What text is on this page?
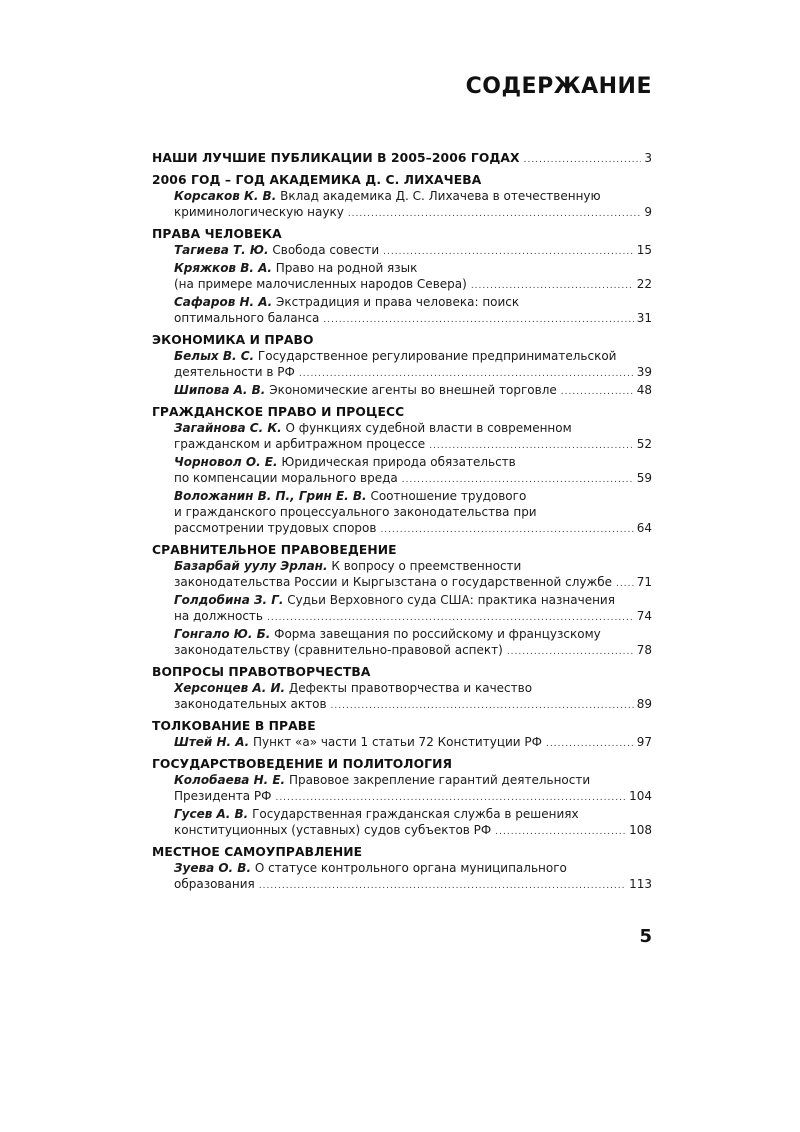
СОДЕРЖАНИЕ
НАШИ ЛУЧШИЕ ПУБЛИКАЦИИ В 2005–2006 ГОДАХ .....	3
2006 ГОД – ГОД АКАДЕМИКА Д. С. ЛИХАЧЕВА
Корсаков К. В. Вклад академика Д. С. Лихачева в отечественную
криминологическую науку .....	9
ПРАВА ЧЕЛОВЕКА
Тагиева Т. Ю. Свобода совести .....	15
Кряжков В. А. Право на родной язык
(на примере малочисленных народов Севера) .....	22
Сафаров Н. А. Экстрадиция и права человека: поиск
оптимального баланса .....	31
ЭКОНОМИКА И ПРАВО
Белых В. С. Государственное регулирование предпринимательской
деятельности в РФ .....	39
Шипова А. В. Экономические агенты во внешней торговле .....	48
ГРАЖДАНСКОЕ ПРАВО И ПРОЦЕСС
Загайнова С. К. О функциях судебной власти в современном
гражданском и арбитражном процессе .....	52
Чорновол О. Е. Юридическая природа обязательств
по компенсации морального вреда .....	59
Воложанин В. П., Грин Е. В. Соотношение трудового
и гражданского процессуального законодательства при
рассмотрении трудовых споров .....	64
СРАВНИТЕЛЬНОЕ ПРАВОВЕДЕНИЕ
Базарбай уулу Эрлан. К вопросу о преемственности
законодательства России и Кыргызстана о государственной службе ..... 71
Голдобина З. Г. Судьи Верховного суда США: практика назначения
на должность .....	74
Гонгало Ю. Б. Форма завещания по российскому и французскому
законодательству (сравнительно-правовой аспект) .....	78
ВОПРОСЫ ПРАВОТВОРЧЕСТВА
Херсонцев А. И. Дефекты правотворчества и качество
законодательных актов .....	89
ТОЛКОВАНИЕ В ПРАВЕ
Штей Н. А. Пункт «а» части 1 статьи 72 Конституции РФ .....	97
ГОСУДАРСТВОВЕДЕНИЕ И ПОЛИТОЛОГИЯ
Колобаева Н. Е. Правовое закрепление гарантий деятельности
Президента РФ .....	104
Гусев А. В. Государственная гражданская служба в решениях
конституционных (уставных) судов субъектов РФ .....	108
МЕСТНОЕ САМОУПРАВЛЕНИЕ
Зуева О. В. О статусе контрольного органа муниципального
образования .....	113
5
